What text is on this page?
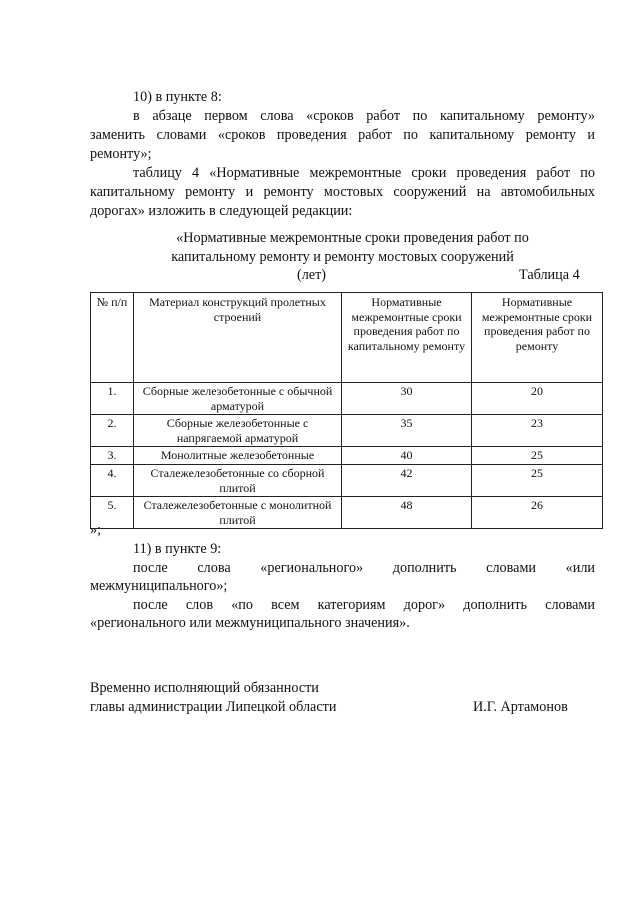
10) в пункте 8:
в абзаце первом слова «сроков работ по капитальному ремонту»
заменить словами «сроков проведения работ по капитальному ремонту и
ремонту»;
таблицу 4 «Нормативные межремонтные сроки проведения работ по
капитальному ремонту и ремонту мостовых сооружений на автомобильных
дорогах» изложить в следующей редакции:
«Нормативные межремонтные сроки проведения работ по
капитальному ремонту и ремонту мостовых сооружений
(лет)	Таблица 4
№ п/п	Материал конструкций пролетных строений	Нормативные межремонтные сроки проведения работ по капитальному ремонту	Нормативные межремонтные сроки проведения работ по ремонту
1.	Сборные железобетонные с обычной арматурой	30	20
2.	Сборные железобетонные с напрягаемой арматурой	35	23
3.	Монолитные железобетонные	40	25
4.	Сталежелезобетонные со сборной плитой	42	25
5.	Сталежелезобетонные с монолитной плитой	48	26
»;
11) в пункте 9:
после слова «регионального» дополнить словами «или
межмуниципального»;
после слов «по всем категориям дорог» дополнить словами
«регионального или межмуниципального значения».
Временно исполняющий обязанности
главы администрации Липецкой области	И.Г. Артамонов
